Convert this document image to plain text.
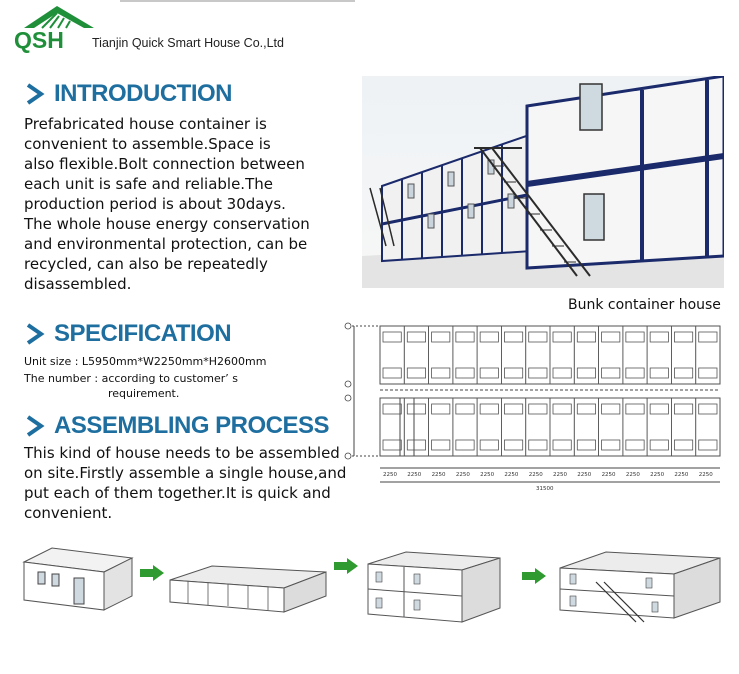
QSH Tianjin Quick Smart House Co.,Ltd
INTRODUCTION
Prefabricated house container is
convenient to assemble.Space is
also flexible.Bolt connection between
each unit is safe and reliable.The
production period is about 30days.
The whole house energy conservation
and environmental protection, can be
recycled, can also be repeatedly
disassembled.
Bunk container house
SPECIFICATION
Unit size : L5950mm*W2250mm*H2600mm
The number : according to customer’ s
requirement.
2250 2250 2250 2250 2250 2250 2250 2250 2250 2250 2250 2250 2250 2250
31500
ASSEMBLING PROCESS
This kind of house needs to be assembled
on site.Firstly assemble a single house,and
put each of them together.It is quick and
convenient.
